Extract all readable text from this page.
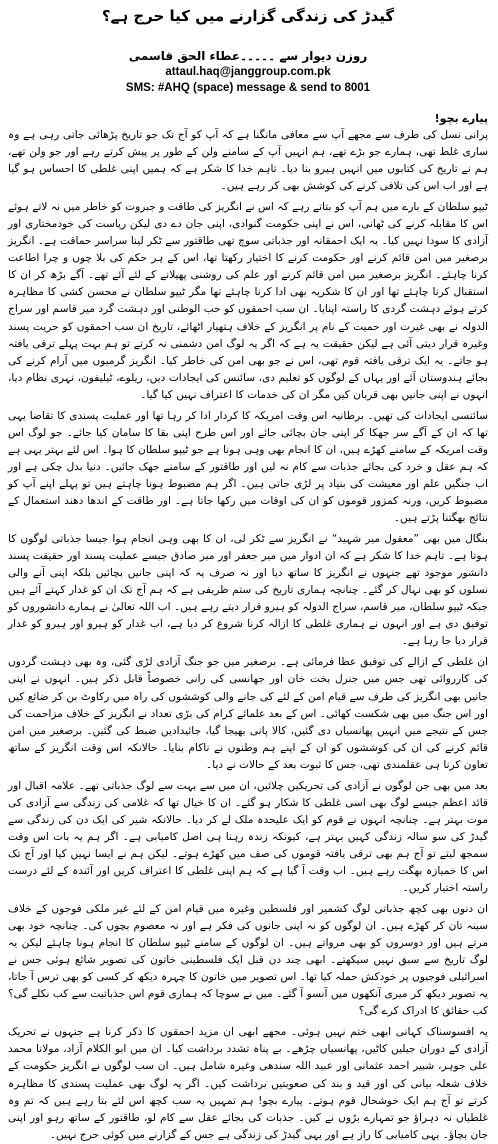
گیدڑ کی زندگی گزارنے میں کیا حرج ہے؟
روزن دیوار سے ۔۔۔۔۔عطاء الحق قاسمی
attaul.haq@janggroup.com.pk
SMS: #AHQ (space) message & send to 8001
پیارے بچو!

پرانی نسل کی طرف سے مجھے آپ سے معافی مانگنا ہے کہ آپ کو آج تک جو تاریخ پڑھائی جاتی رہی ہے وہ ساری غلط تھی، ہمارے جو بڑے تھے، ہم انہیں آپ کے سامنے ولن کے طور پر پیش کرتے رہے اور جو ولن تھے، ہم نے تاریخ کی کتابوں میں انہیں ہیرو بنا دیا۔ تاہم خدا کا شکر ہے کہ ہمیں اپنی غلطی کا احساس ہو گیا ہے اور اب اس کی تلافی کرنے کی کوشش بھی کر رہے ہیں۔

ٹیپو سلطان کے بارے میں ہم آپ کو بتاتے رہے کہ اس نے انگریز کی طاقت و جبروت کو خاطر میں نہ لاتے ہوئے اس کا مقابلہ کرنے کی ٹھانی، اس نے اپنی حکومت گنوادی، اپنی جان دے دی لیکن ریاست کی خودمختاری اور آزادی کا سودا نہیں کیا۔ یہ ایک احمقانہ اور جذباتی سوچ تھی طاقتور سے ٹکر لینا سراسر حماقت ہے۔ انگریز برصغیر میں امن قائم کرنے اور حکومت کرنے کا اختیار رکھتا تھا، اس کے ہر حکم کی بلا چوں و چرا اطاعت کرنا چاہئے۔ انگریز برصغیر میں امن قائم کرنے اور علم کی روشنی پھیلانے کے لئے آئے تھے۔ آگے بڑھ کر ان کا استقبال کرنا چاہئے تھا اور ان کا شکریہ بھی ادا کرنا چاہئے تھا مگر ٹیپو سلطان نے محسن کشی کا مظاہرہ کرتے ہوئے دہشت گردی کا راستہ اپنایا۔ ان سب احمقوں کو حب الوطنی اور دہشت گرد میر قاسم اور سراج الدولہ نے بھی غیرت اور حمیت کے نام پر انگریز کے خلاف ہتھیار اٹھائے، تاریخ ان سب احمقوں کو حریت پسند وغیرہ قرار دیتی آئی ہے لیکن حقیقت یہ ہے کہ اگر یہ لوگ امن دشمنی نہ کرتے تو ہم بہت پہلے ترقی یافتہ ہو جاتے۔ یہ ایک ترقی یافتہ قوم تھی، اس نے جو بھی امن کی خاطر کیا۔ انگریز گرمیوں میں آرام کرنے کی بجائے ہندوستان آئے اور یہاں کے لوگوں کو تعلیم دی، سائنس کی ایجادات دیں، ریلوے، ٹیلیفون، نہری نظام دیا، انہوں نے اپنی جانیں بھی قربان کیں مگر ان کی خدمات کا اعتراف نہیں کیا گیا۔

سائنسی ایجادات کی تھیں۔ برطانیہ اس وقت امریکہ کا کردار ادا کر رہا تھا اور عملیت پسندی کا تقاضا یہی تھا کہ ان کے آگے سر جھکا کر اپنی جان بچائی جائے اور اس طرح اپنی بقا کا سامان کیا جائے۔ جو لوگ اس وقت امریکہ کے سامنے کھڑے ہیں، ان کا انجام بھی وہی ہونا ہے جو ٹیپو سلطان کا ہوا۔ اس لئے بہتر یہی ہے کہ ہم عقل و خرد کی بجائے جذبات سے کام نہ لیں اور طاقتور کے سامنے جھک جائیں۔ دنیا بدل چکی ہے اور اب جنگیں علم اور معیشت کی بنیاد پر لڑی جاتی ہیں۔ اگر ہم مضبوط ہونا چاہتے ہیں تو پہلے اپنے آپ کو مضبوط کریں، ورنہ کمزور قوموں کو ان کی اوقات میں رکھا جاتا ہے۔ اور طاقت کے اندھا دھند استعمال کے نتائج بھگتنا پڑتے ہیں۔

بنگال میں بھی ”معقول میر شہید“ نے انگریز سے ٹکر لی، ان کا بھی وہی انجام ہوا جیسا جذباتی لوگوں کا ہوتا ہے۔ تاہم خدا کا شکر ہے کہ ان ادوار میں میر جعفر اور میر صادق جیسے عملیت پسند اور حقیقت پسند دانشور موجود تھے جنہوں نے انگریز کا ساتھ دیا اور نہ صرف یہ کہ اپنی جانیں بچائیں بلکہ اپنی آنے والی نسلوں کو بھی نہال کر گئے۔ چنانچہ ہماری تاریخ کی ستم ظریفی ہے کہ ہم آج تک ان کو غدار کہتے آئے ہیں جبکہ ٹیپو سلطان، میر قاسم، سراج الدولہ کو ہیرو قرار دیتے رہے ہیں۔ اب اللہ تعالیٰ نے ہمارے دانشوروں کو توفیق دی ہے اور انہوں نے ہماری غلطی کا ازالہ کرنا شروع کر دیا ہے، اب غدار کو ہیرو اور ہیرو کو غدار قرار دیا جا رہا ہے۔

ان غلطی کے ازالے کی توفیق عطا فرمائی ہے۔ برصغیر میں جو جنگ آزادی لڑی گئی، وہ بھی دہشت گردوں کی کارروائی تھی جس میں جنرل بخت خان اور جھانسی کی رانی خصوصاً قابل ذکر ہیں۔ انہوں نے اپنی جانیں بھی انگریز کی طرف سے قیام امن کے لئے کی جانے والی کوششوں کی راہ میں رکاوٹ بن کر ضائع کیں اور اس جنگ میں بھی شکست کھائی۔ اس کے بعد علمائے کرام کی بڑی تعداد نے انگریز کے خلاف مزاحمت کی جس کے نتیجے میں انہیں پھانسیاں دی گئیں، کالا پانی بھیجا گیا، جائیدادیں ضبط کی گئیں۔ برصغیر میں امن قائم کرنے کی ان کی کوششوں کو ان کے اپنے ہم وطنوں نے ناکام بنایا۔ حالانکہ اس وقت انگریز کے ساتھ تعاون کرنا ہی عقلمندی تھی، جس کا ثبوت بعد کے حالات نے دیا۔

بعد میں بھی جن لوگوں نے آزادی کی تحریکیں چلائیں، ان میں سے بہت سے لوگ جذباتی تھے۔ علامہ اقبال اور قائد اعظم جیسے لوگ بھی اسی غلطی کا شکار ہو گئے۔ ان کا خیال تھا کہ غلامی کی زندگی سے آزادی کی موت بہتر ہے۔ چنانچہ انہوں نے قوم کو ایک علیحدہ ملک لے کر دیا۔ حالانکہ شیر کی ایک دن کی زندگی سے گیدڑ کی سو سالہ زندگی کہیں بہتر ہے، کیونکہ زندہ رہنا ہی اصل کامیابی ہے۔ اگر ہم یہ بات اس وقت سمجھ لیتے تو آج ہم بھی ترقی یافتہ قوموں کی صف میں کھڑے ہوتے۔ لیکن ہم نے ایسا نہیں کیا اور آج تک اس کا خمیازہ بھگت رہے ہیں۔ اب وقت آ گیا ہے کہ ہم اپنی غلطی کا اعتراف کریں اور آئندہ کے لئے درست راستہ اختیار کریں۔

ان دنوں بھی کچھ جذباتی لوگ کشمیر اور فلسطین وغیرہ میں قیام امن کے لئے غیر ملکی فوجوں کے خلاف سینہ تان کر کھڑے ہیں۔ ان لوگوں کو نہ اپنی جانوں کی فکر ہے اور نہ معصوم بچوں کی۔ چنانچہ خود بھی مرتے ہیں اور دوسروں کو بھی مرواتے ہیں۔ ان لوگوں کے سامنے ٹیپو سلطان کا انجام ہونا چاہئے لیکن یہ لوگ تاریخ سے سبق نہیں سیکھتے۔ ابھی چند دن قبل ایک فلسطینی خاتون کی تصویر شائع ہوئی جس نے اسرائیلی فوجیوں پر خودکش حملہ کیا تھا۔ اس تصویر میں خاتون کا چہرہ دیکھ کر کسی کو بھی ترس آ جاتا، یہ تصویر دیکھ کر میری آنکھوں میں آنسو آ گئے۔ میں نے سوچا کہ ہماری قوم اس جذباتیت سے کب نکلے گی؟ کب حقائق کا ادراک کرے گی؟

یہ افسوسناک کہانی ابھی ختم نہیں ہوئی۔ مجھے ابھی ان مزید احمقوں کا ذکر کرنا ہے جنہوں نے تحریک آزادی کے دوران جیلیں کاٹیں، پھانسیاں چڑھے۔ بے پناہ تشدد برداشت کیا۔ ان میں ابو الکلام آزاد، مولانا محمد علی جوہر، شبیر احمد عثمانی اور عبید اللہ سندھی وغیرہ شامل ہیں۔ ان سب لوگوں نے انگریز حکومت کے خلاف شعلہ بیانی کی اور قید و بند کی صعوبتیں برداشت کیں۔ اگر یہ لوگ بھی عملیت پسندی کا مظاہرہ کرتے تو آج ہم ایک خوشحال قوم ہوتے۔ پیارے بچو! ہم تمہیں یہ سب کچھ اس لئے بتا رہے ہیں کہ تم وہ غلطیاں نہ دہراؤ جو تمہارے بڑوں نے کیں۔ جذبات کی بجائے عقل سے کام لو، طاقتور کے ساتھ رہو اور اپنی جان بچاؤ۔ یہی کامیابی کا راز ہے اور یہی گیدڑ کی زندگی ہے جس کے گزارنے میں کوئی حرج نہیں۔
